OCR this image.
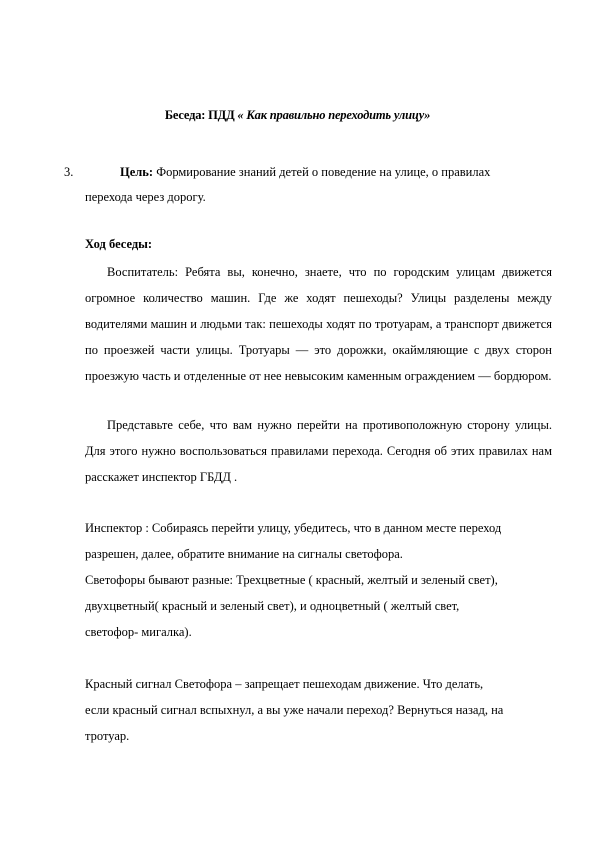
Беседа: ПДД « Как правильно переходить улицу»
3.	Цель: Формирование знаний детей о поведение на улице, о правилах
перехода через дорогу.
Ход беседы:

Воспитатель: Ребята вы, конечно, знаете, что по городским улицам движется огромное количество машин. Где же ходят пешеходы? Улицы разделены между водителями машин и людьми так: пешеходы ходят по тротуарам, а транспорт движется по проезжей части улицы. Тротуары — это дорожки, окаймляющие с двух сторон проезжую часть и отделенные от нее невысоким каменным ограждением — бордюром.

Представьте себе, что вам нужно перейти на противоположную сторону улицы. Для этого нужно воспользоваться правилами перехода. Сегодня об этих правилах нам расскажет инспектор ГБДД .

Инспектор : Собираясь перейти улицу, убедитесь, что в данном месте переход
разрешен, далее, обратите внимание на сигналы светофора.
Светофоры бывают разные: Трехцветные ( красный, желтый и зеленый свет),
двухцветный( красный и зеленый свет), и одноцветный ( желтый свет,
светофор- мигалка).
Красный сигнал Светофора – запрещает пешеходам движение. Что делать,
если красный сигнал вспыхнул, а вы уже начали переход? Вернуться назад, на
тротуар.
